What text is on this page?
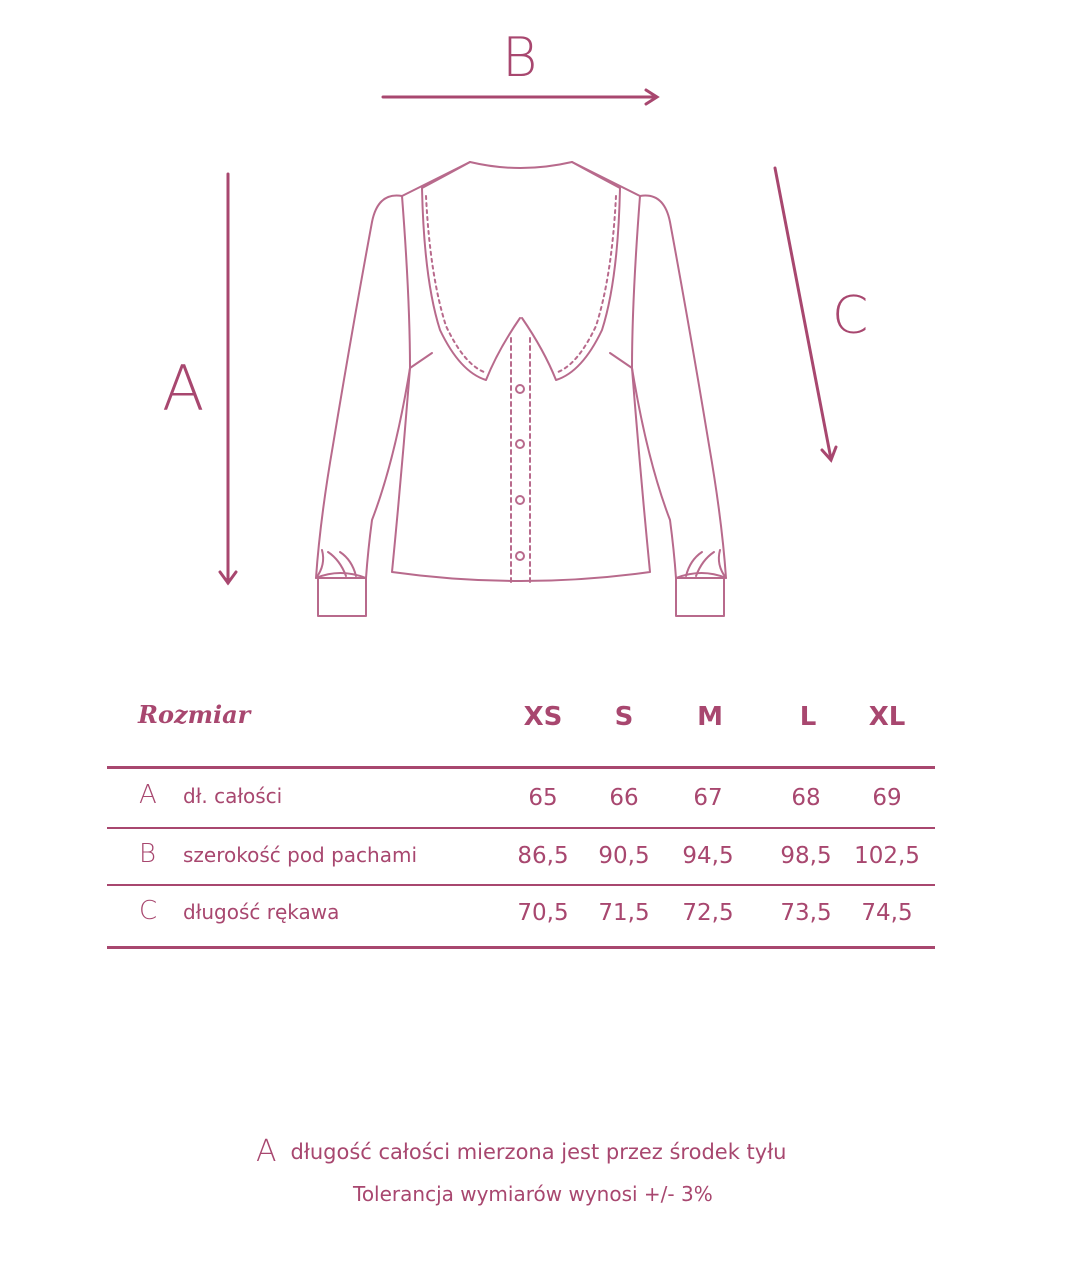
B
A
C
Rozmiar	XS S M	L XL
A dł. całości	65 66 67	68 69
B szerokość pod pachami	86,5 90,5 94,5 98,5 102,5
C długość rękawa	70,5 71,5 72,5 73,5 74,5
A długość całości mierzona jest przez środek tyłu
Tolerancja wymiarów wynosi +/- 3%
